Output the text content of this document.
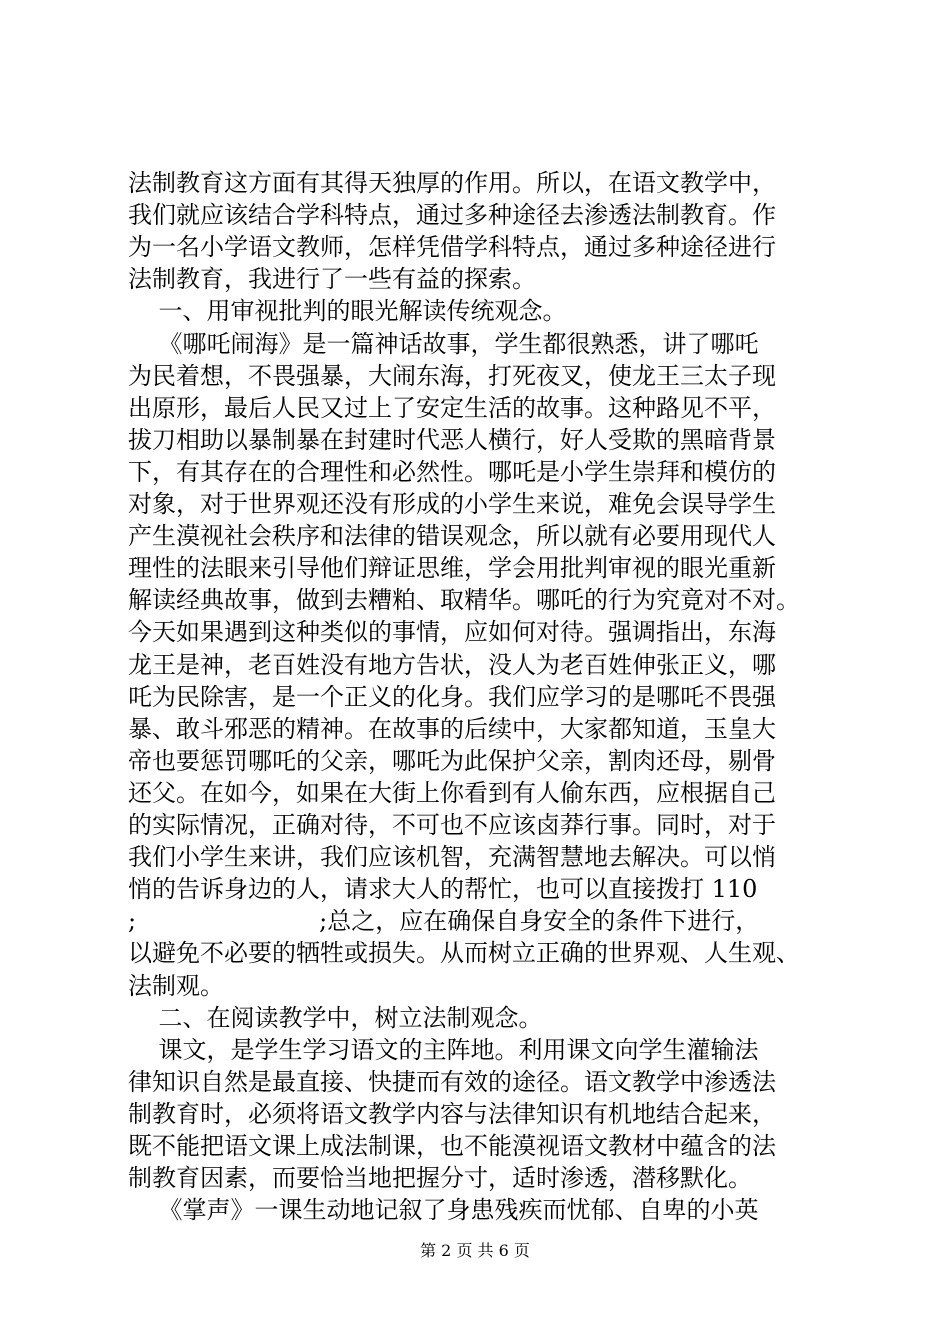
法制教育这方面有其得天独厚的作用。所以，在语文教学中，
我们就应该结合学科特点，通过多种途径去渗透法制教育。作
为一名小学语文教师，怎样凭借学科特点，通过多种途径进行
法制教育，我进行了一些有益的探索。
一、用审视批判的眼光解读传统观念。
《哪吒闹海》是一篇神话故事，学生都很熟悉，讲了哪吒
为民着想，不畏强暴，大闹东海，打死夜叉，使龙王三太子现
出原形，最后人民又过上了安定生活的故事。这种路见不平，
拔刀相助以暴制暴在封建时代恶人横行，好人受欺的黑暗背景
下，有其存在的合理性和必然性。哪吒是小学生崇拜和模仿的
对象，对于世界观还没有形成的小学生来说，难免会误导学生
产生漠视社会秩序和法律的错误观念，所以就有必要用现代人
理性的法眼来引导他们辩证思维，学会用批判审视的眼光重新
解读经典故事，做到去糟粕、取精华。哪吒的行为究竟对不对。
今天如果遇到这种类似的事情，应如何对待。强调指出，东海
龙王是神，老百姓没有地方告状，没人为老百姓伸张正义，哪
吒为民除害，是一个正义的化身。我们应学习的是哪吒不畏强
暴、敢斗邪恶的精神。在故事的后续中，大家都知道，玉皇大
帝也要惩罚哪吒的父亲，哪吒为此保护父亲，割肉还母，剔骨
还父。在如今，如果在大街上你看到有人偷东西，应根据自己
的实际情况，正确对待，不可也不应该卤莽行事。同时，对于
我们小学生来讲，我们应该机智，充满智慧地去解决。可以悄
悄的告诉身边的人，请求大人的帮忙，也可以直接拨打 110
;                        ;总之，应在确保自身安全的条件下进行，
以避免不必要的牺牲或损失。从而树立正确的世界观、人生观、
法制观。
二、在阅读教学中，树立法制观念。
课文，是学生学习语文的主阵地。利用课文向学生灌输法
律知识自然是最直接、快捷而有效的途径。语文教学中渗透法
制教育时，必须将语文教学内容与法律知识有机地结合起来，
既不能把语文课上成法制课，也不能漠视语文教材中蕴含的法
制教育因素，而要恰当地把握分寸，适时渗透，潜移默化。
《掌声》一课生动地记叙了身患残疾而忧郁、自卑的小英
第 2 页 共 6 页
